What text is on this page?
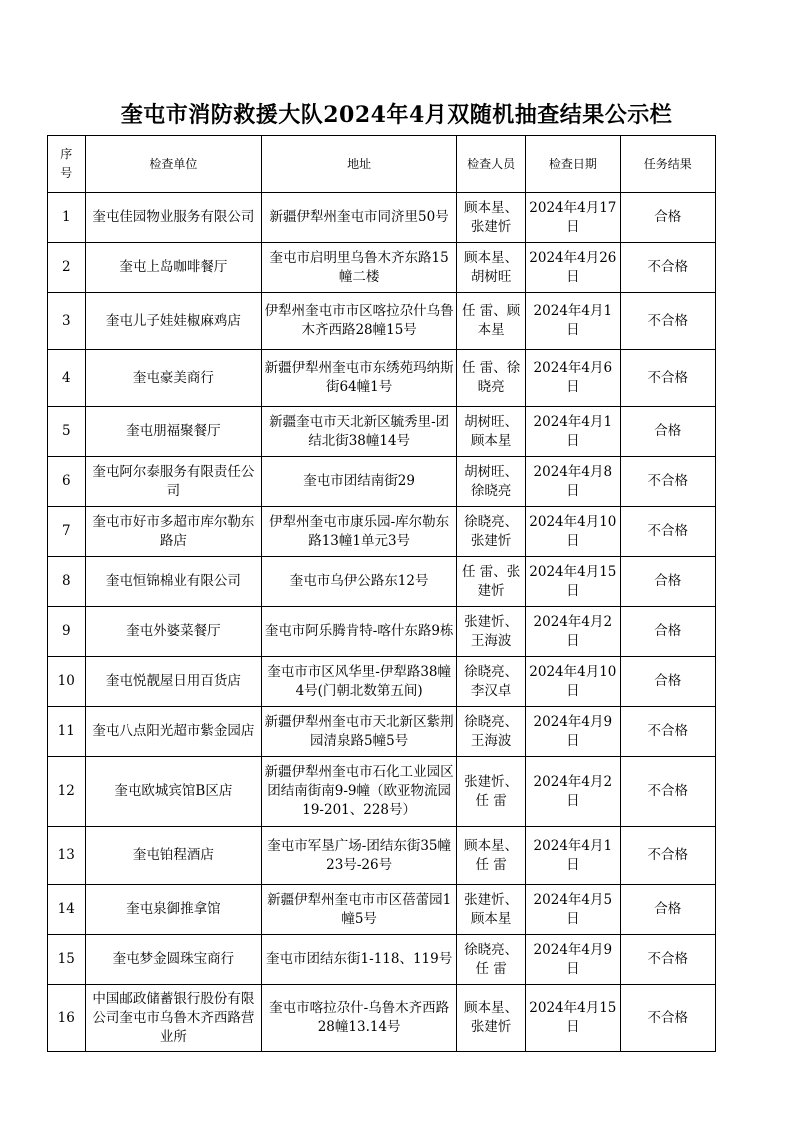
奎屯市消防救援大队2024年4月双随机抽查结果公示栏
序号	检查单位	地址	检查人员	检查日期	任务结果
1	奎屯佳园物业服务有限公司	新疆伊犁州奎屯市同济里50号	顾本星、张建忻	2024年4月17日	合格
2	奎屯上岛咖啡餐厅	奎屯市启明里乌鲁木齐东路15幢二楼	顾本星、胡树旺	2024年4月26日	不合格
3	奎屯儿子娃娃椒麻鸡店	伊犁州奎屯市市区喀拉尕什乌鲁木齐西路28幢15号	任 雷、顾本星	2024年4月1日	不合格
4	奎屯豪美商行	新疆伊犁州奎屯市东绣苑玛纳斯街64幢1号	任 雷、徐晓亮	2024年4月6日	不合格
5	奎屯朋福聚餐厅	新疆奎屯市天北新区毓秀里-团结北街38幢14号	胡树旺、顾本星	2024年4月1日	合格
6	奎屯阿尔泰服务有限责任公司	奎屯市团结南街29	胡树旺、徐晓亮	2024年4月8日	不合格
7	奎屯市好市多超市库尔勒东路店	伊犁州奎屯市康乐园-库尔勒东路13幢1单元3号	徐晓亮、张建忻	2024年4月10日	不合格
8	奎屯恒锦棉业有限公司	奎屯市乌伊公路东12号	任 雷、张建忻	2024年4月15日	合格
9	奎屯外婆菜餐厅	奎屯市阿乐腾肯特-喀什东路9栋	张建忻、王海波	2024年4月2日	合格
10	奎屯悦靓屋日用百货店	奎屯市市区风华里-伊犁路38幢4号(门朝北数第五间)	徐晓亮、李汉卓	2024年4月10日	合格
11	奎屯八点阳光超市紫金园店	新疆伊犁州奎屯市天北新区紫荆园清泉路5幢5号	徐晓亮、王海波	2024年4月9日	不合格
12	奎屯欧城宾馆B区店	新疆伊犁州奎屯市石化工业园区团结南街南9-9幢（欧亚物流园19-201、228号）	张建忻、任 雷	2024年4月2日	不合格
13	奎屯铂程酒店	奎屯市军垦广场-团结东街35幢23号-26号	顾本星、任 雷	2024年4月1日	不合格
14	奎屯泉御推拿馆	新疆伊犁州奎屯市市区蓓蕾园1幢5号	张建忻、顾本星	2024年4月5日	合格
15	奎屯梦金圆珠宝商行	奎屯市团结东街1-118、119号	徐晓亮、任 雷	2024年4月9日	不合格
16	中国邮政储蓄银行股份有限公司奎屯市乌鲁木齐西路营业所	奎屯市喀拉尕什-乌鲁木齐西路28幢13.14号	顾本星、张建忻	2024年4月15日	不合格
